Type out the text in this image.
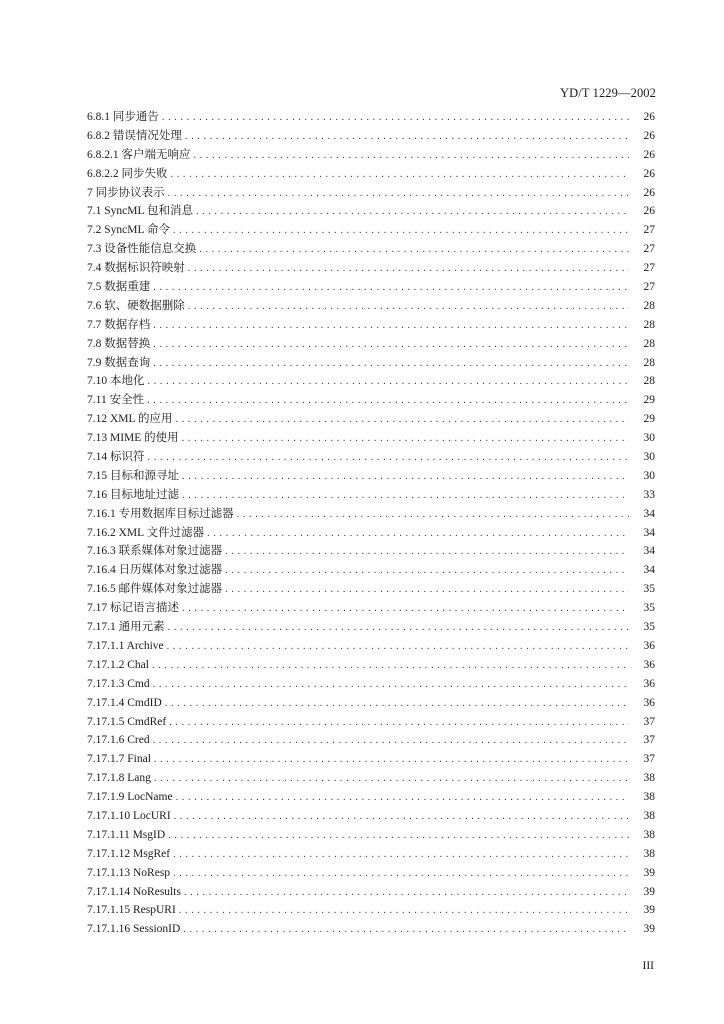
YD/T 1229—2002
6.8.1 同步通告 . . .	26
6.8.2 错误情况处理 . . .	26
6.8.2.1 客户端无响应 . . .	26
6.8.2.2 同步失败 . . .	26
7 同步协议表示 . . .	26
7.1 SyncML 包和消息 . . .	26
7.2 SyncML 命令 . . .	27
7.3 设备性能信息交换 . . .	27
7.4 数据标识符映射 . . .	27
7.5 数据重建 . . .	27
7.6 软、硬数据删除 . . .	28
7.7 数据存档 . . .	28
7.8 数据替换 . . .	28
7.9 数据查询 . . .	28
7.10 本地化 . . .	28
7.11 安全性 . . .	29
7.12 XML 的应用 . . .	29
7.13 MIME 的使用 . . .	30
7.14 标识符 . . .	30
7.15 目标和源寻址 . . .	30
7.16 目标地址过滤 . . .	33
7.16.1 专用数据库目标过滤器 . . .	34
7.16.2 XML 文件过滤器 . . .	34
7.16.3 联系媒体对象过滤器 . . .	34
7.16.4 日历媒体对象过滤器 . . .	34
7.16.5 邮件媒体对象过滤器 . . .	35
7.17 标记语言描述 . . .	35
7.17.1 通用元素 . . .	35
7.17.1.1 Archive . . .	36
7.17.1.2 Chal . . .	36
7.17.1.3 Cmd . . .	36
7.17.1.4 CmdID . . .	36
7.17.1.5 CmdRef . . .	37
7.17.1.6 Cred . . .	37
7.17.1.7 Final . . .	37
7.17.1.8 Lang . . .	38
7.17.1.9 LocName . . .	38
7.17.1.10 LocURI . . .	38
7.17.1.11 MsgID . . .	38
7.17.1.12 MsgRef . . .	38
7.17.1.13 NoResp . . .	39
7.17.1.14 NoResults . . .	39
7.17.1.15 RespURI . . .	39
7.17.1.16 SessionID . . .	39
III
